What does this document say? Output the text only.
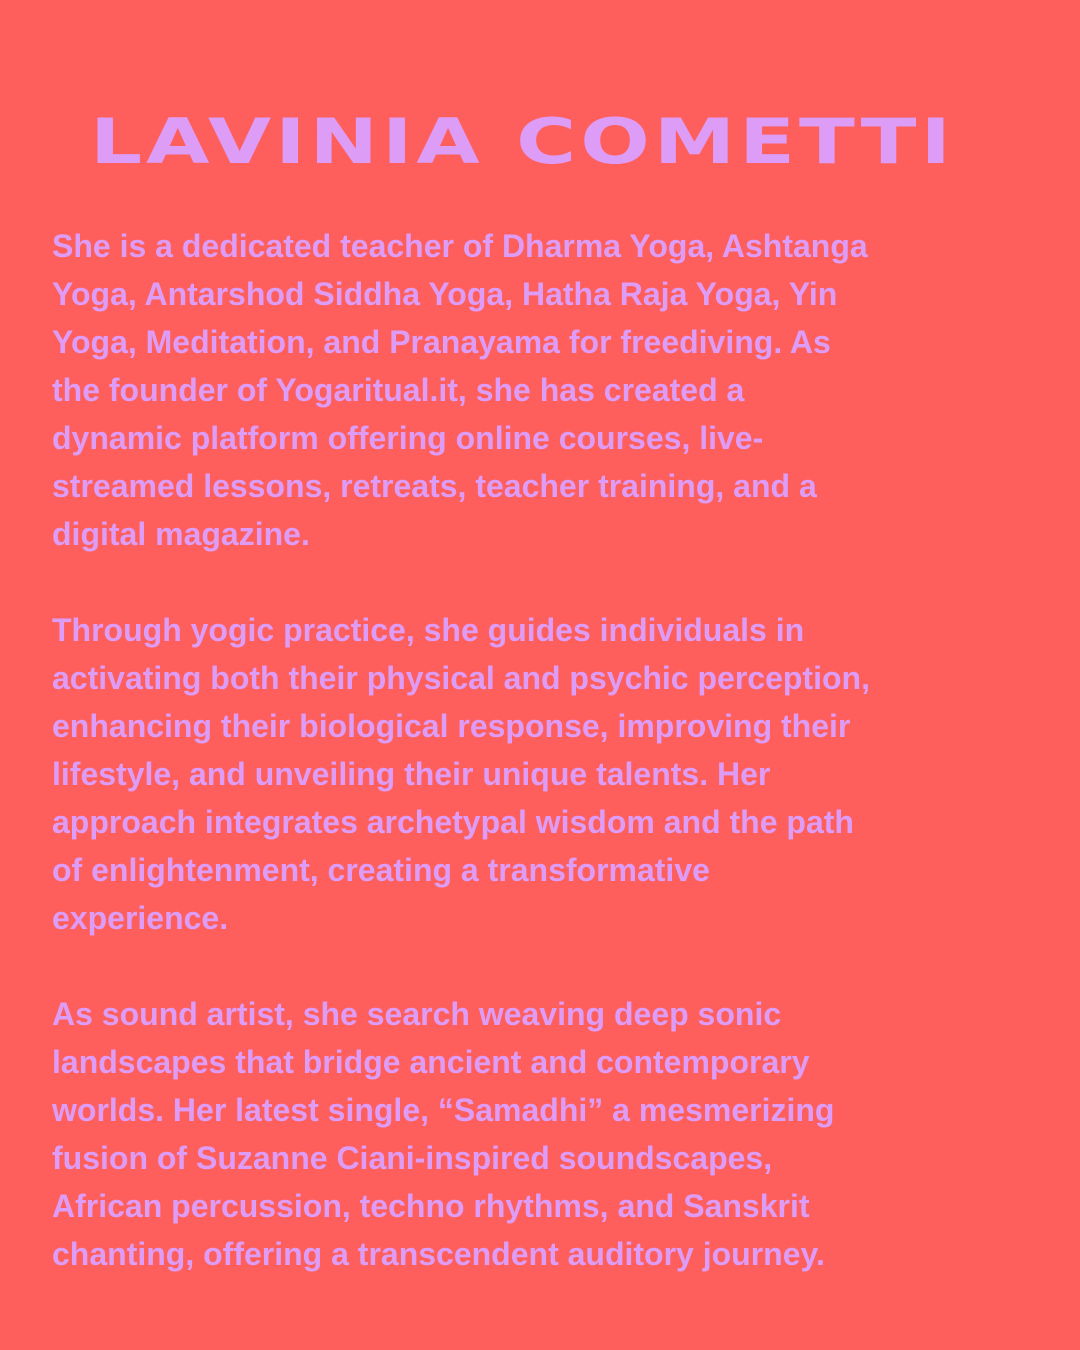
LAVINIA COMETTI

She is a dedicated teacher of Dharma Yoga, Ashtanga
Yoga, Antarshod Siddha Yoga, Hatha Raja Yoga, Yin
Yoga, Meditation, and Pranayama for freediving. As
the founder of Yogaritual.it, she has created a
dynamic platform offering online courses, live-
streamed lessons, retreats, teacher training, and a
digital magazine.

Through yogic practice, she guides individuals in
activating both their physical and psychic perception,
enhancing their biological response, improving their
lifestyle, and unveiling their unique talents. Her
approach integrates archetypal wisdom and the path
of enlightenment, creating a transformative
experience.

As sound artist, she search weaving deep sonic
landscapes that bridge ancient and contemporary
worlds. Her latest single, “Samadhi” a mesmerizing
fusion of Suzanne Ciani-inspired soundscapes,
African percussion, techno rhythms, and Sanskrit
chanting, offering a transcendent auditory journey.
